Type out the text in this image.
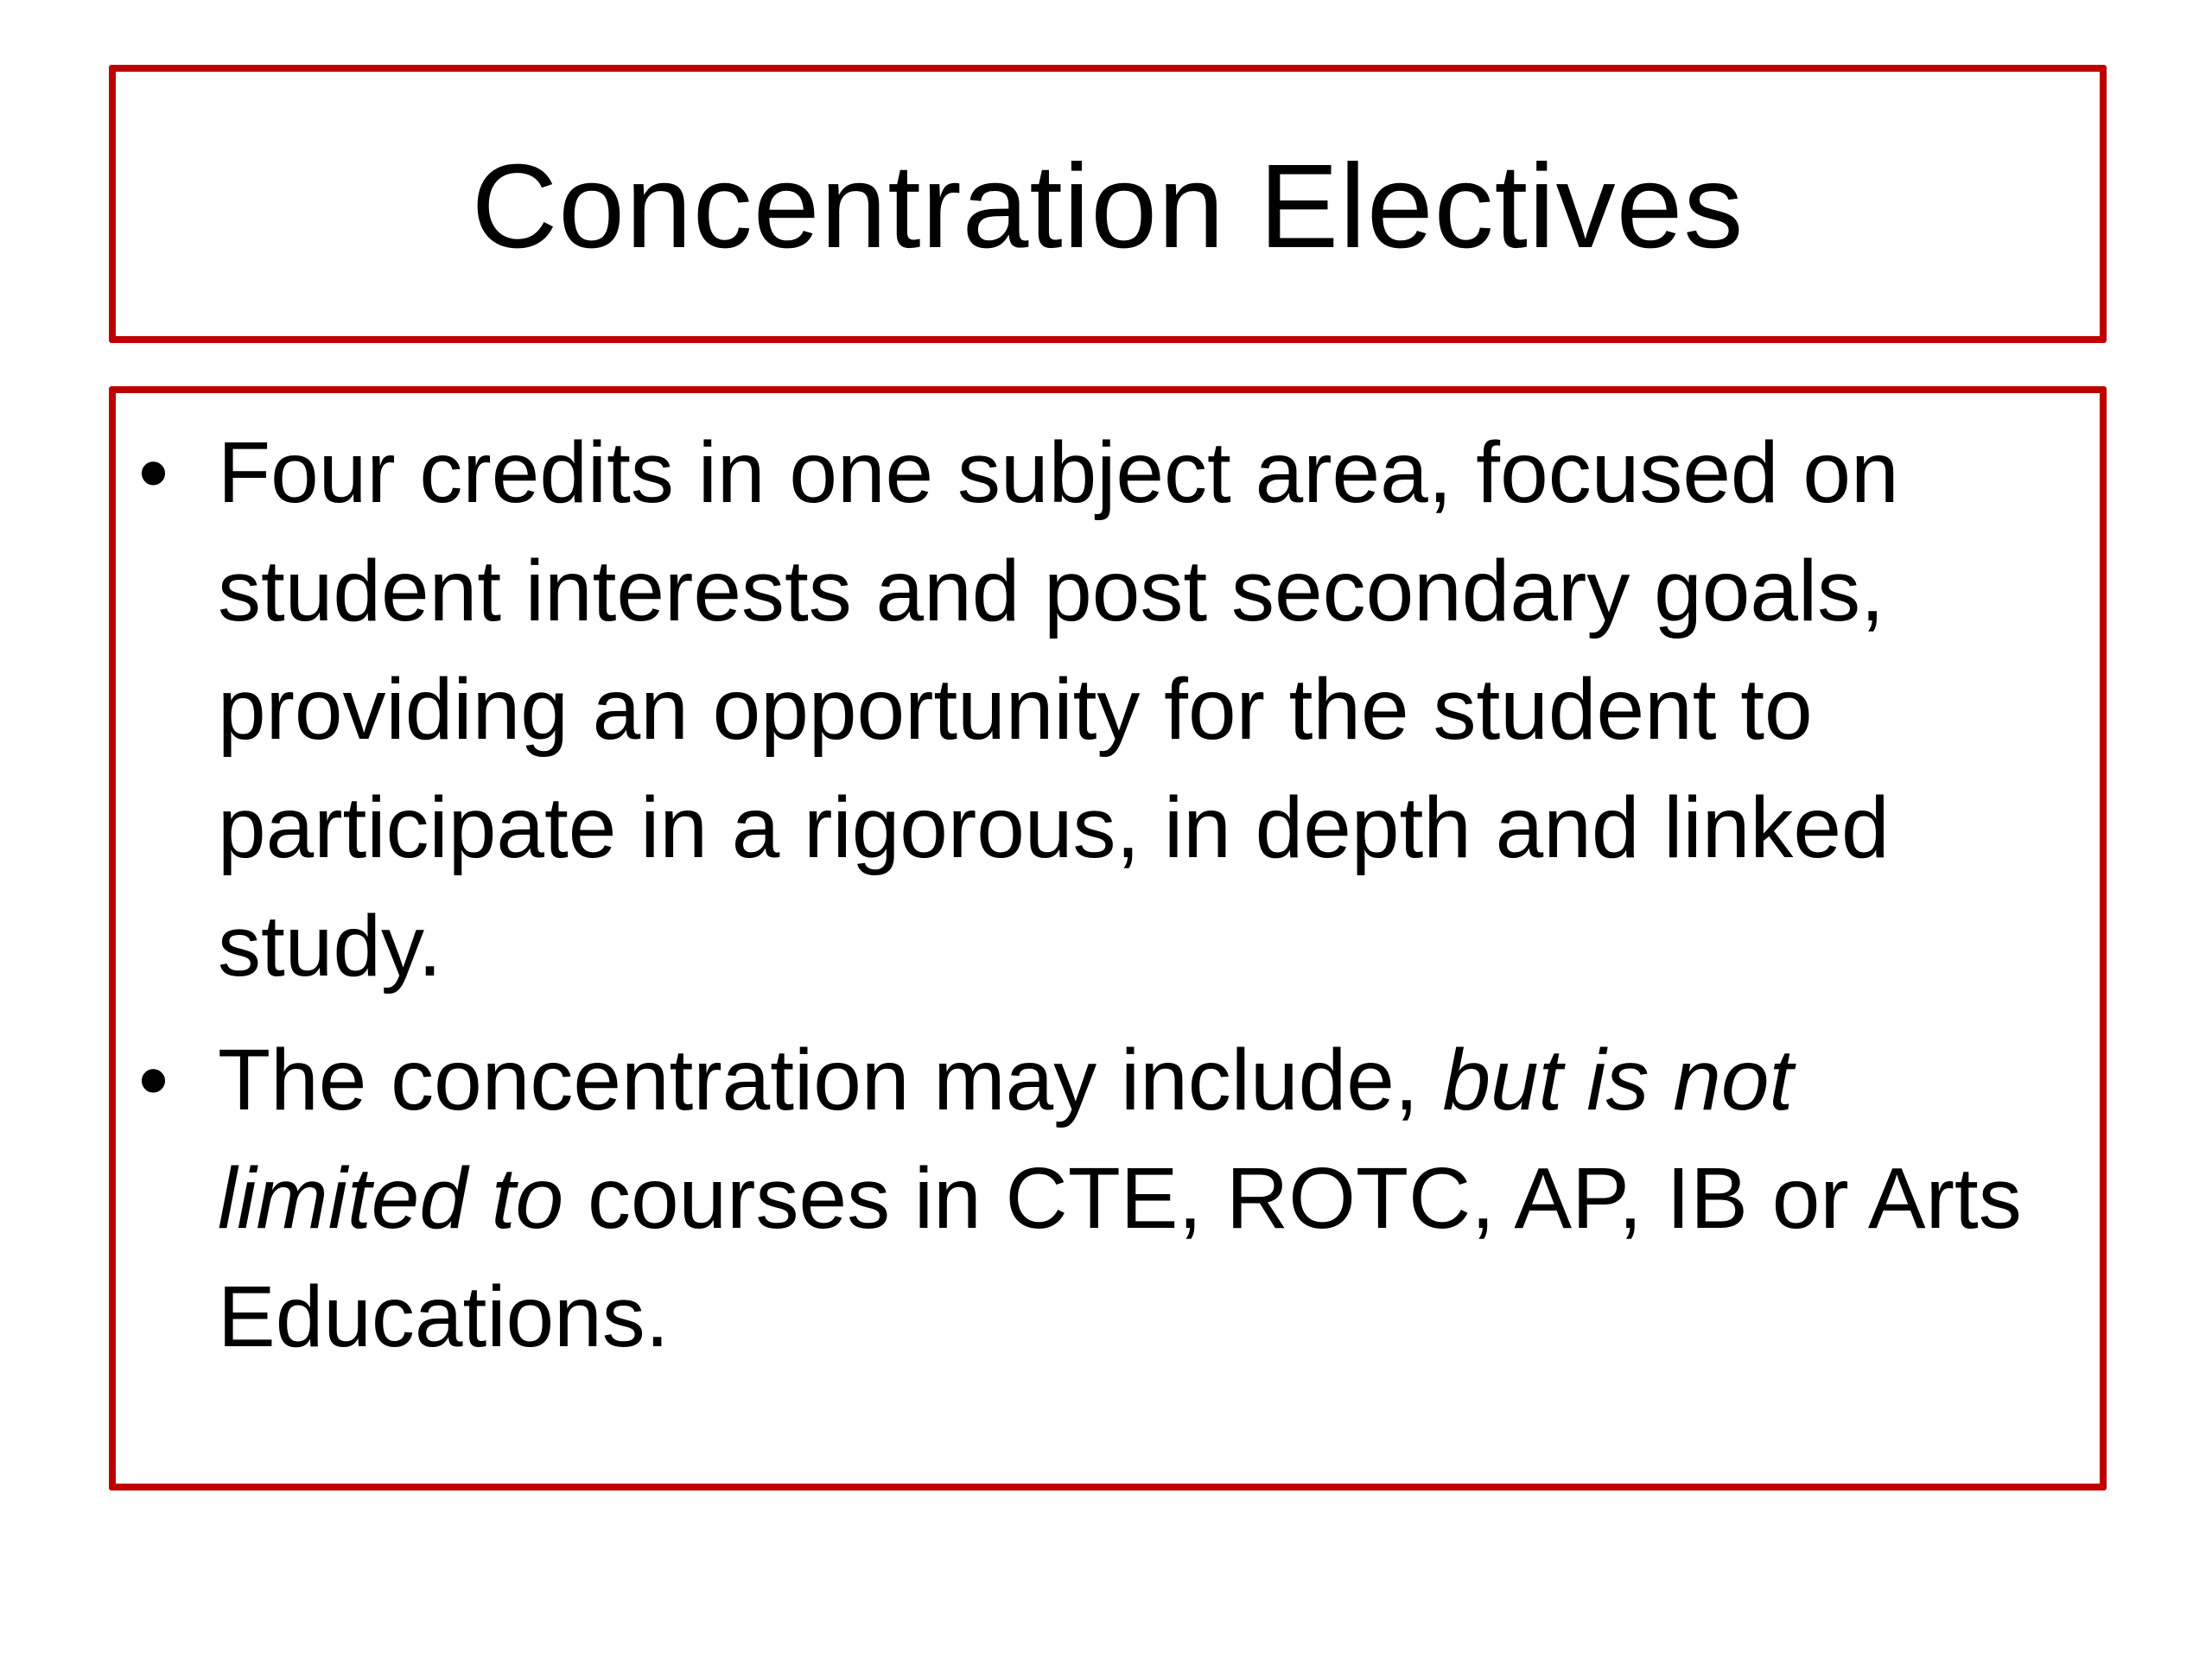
Concentration Electives
• Four credits in one subject area, focused on student interests and post secondary goals, providing an opportunity for the student to participate in a rigorous, in depth and linked study.
• The concentration may include, but is not limited to courses in CTE, ROTC, AP, IB or Arts Educations.
